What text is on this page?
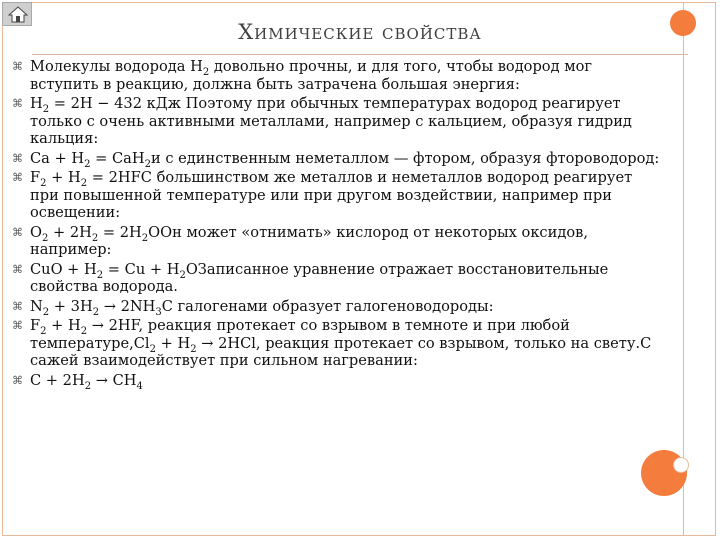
Химические свойства
⌘ Молекулы водорода $H_2$ довольно прочны, и для того, чтобы водород мог вступить в реакцию, должна быть затрачена большая энергия:
⌘ $H_2 = 2H - 432$ кДж Поэтому при обычных температурах водород реагирует только с очень активными металлами, например с кальцием, образуя гидрид кальция:
⌘ $Ca + H_2 = CaH_2и$ с единственным неметаллом — фтором, образуя фтороводород:
⌘ $F_2 + H_2 = 2HFС$ большинством же металлов и неметаллов водород реагирует при повышенной температуре или при другом воздействии, например при освещении:
⌘ $O_2 + 2H_2 = 2H_2OОн$ может «отнимать» кислород от некоторых оксидов, например:
⌘ CuO + $H_2 = Cu$ + $H_2OЗаписанное$ уравнение отражает восстановительные свойства водорода.
⌘ $N_2 + 3H_2 \to 2NH_3С$ галогенами образует галогеноводороды:
⌘ $F_2 + H_2 \to 2HF$, реакция протекает со взрывом в темноте и при любой $температуре,Cl_2 + H_2 \to 2HCl$, реакция протекает со взрывом, только на свету.С сажей взаимодействует при сильном нагревании:
⌘ $C + 2H_2 \to CH_4$
